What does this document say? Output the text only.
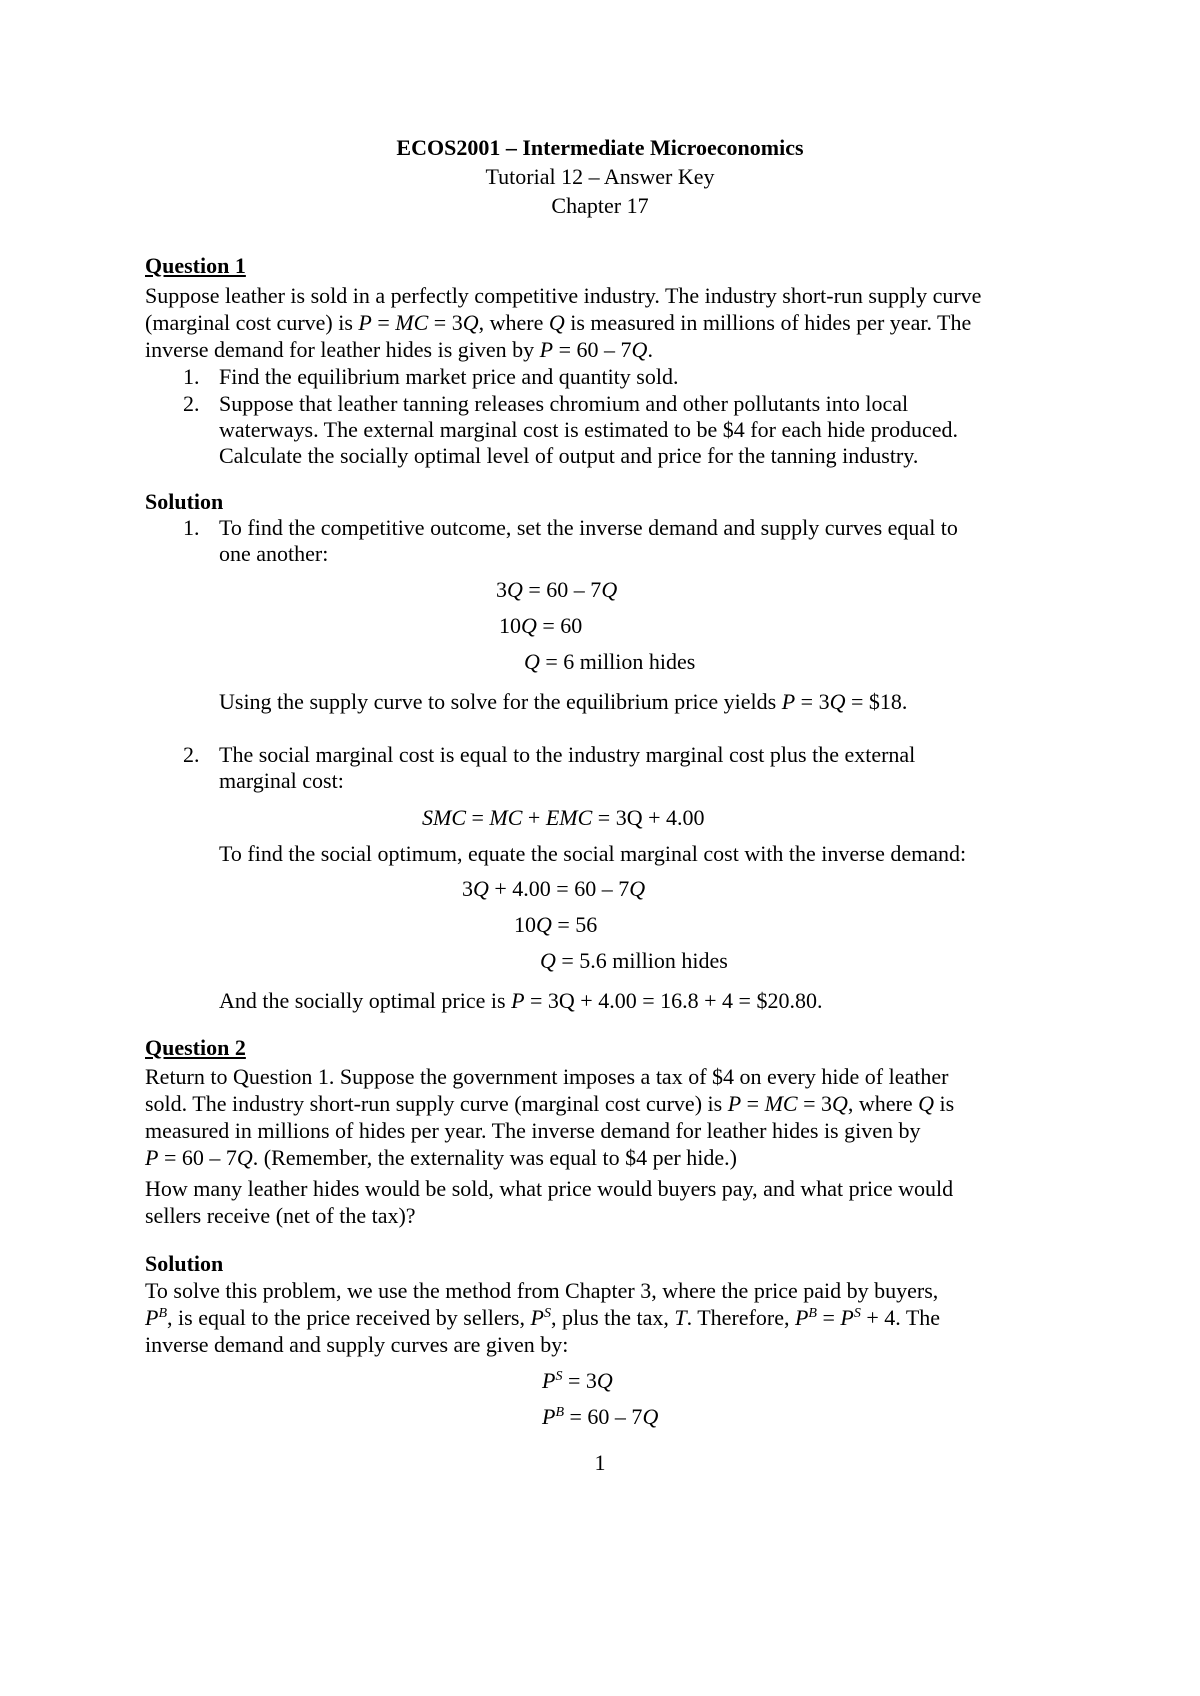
ECOS2001 – Intermediate Microeconomics
Tutorial 12 – Answer Key
Chapter 17
Question 1
Suppose leather is sold in a perfectly competitive industry. The industry short-run supply curve
(marginal cost curve) is P = MC = 3Q, where Q is measured in millions of hides per year. The
inverse demand for leather hides is given by P = 60 – 7Q.
1. Find the equilibrium market price and quantity sold.
2. Suppose that leather tanning releases chromium and other pollutants into local
waterways. The external marginal cost is estimated to be $4 for each hide produced.
Calculate the socially optimal level of output and price for the tanning industry.
Solution
1. To find the competitive outcome, set the inverse demand and supply curves equal to
one another:
3Q = 60 – 7Q
10Q = 60
Q = 6 million hides
Using the supply curve to solve for the equilibrium price yields P = 3Q = $18.
2. The social marginal cost is equal to the industry marginal cost plus the external
marginal cost:
SMC = MC + EMC = 3Q + 4.00
To find the social optimum, equate the social marginal cost with the inverse demand:
3Q + 4.00 = 60 – 7Q
10Q = 56
Q = 5.6 million hides
And the socially optimal price is P = 3Q + 4.00 = 16.8 + 4 = $20.80.
Question 2
Return to Question 1. Suppose the government imposes a tax of $4 on every hide of leather
sold. The industry short-run supply curve (marginal cost curve) is P = MC = 3Q, where Q is
measured in millions of hides per year. The inverse demand for leather hides is given by
P = 60 – 7Q. (Remember, the externality was equal to $4 per hide.)
How many leather hides would be sold, what price would buyers pay, and what price would
sellers receive (net of the tax)?
Solution
To solve this problem, we use the method from Chapter 3, where the price paid by buyers,
$P^B$, is equal to the price received by sellers, $P^S$, plus the tax, T. Therefore, $P^B = P^S + 4$. The
inverse demand and supply curves are given by:
$P^S = 3Q$
$P^B = 60 - 7Q$
1
